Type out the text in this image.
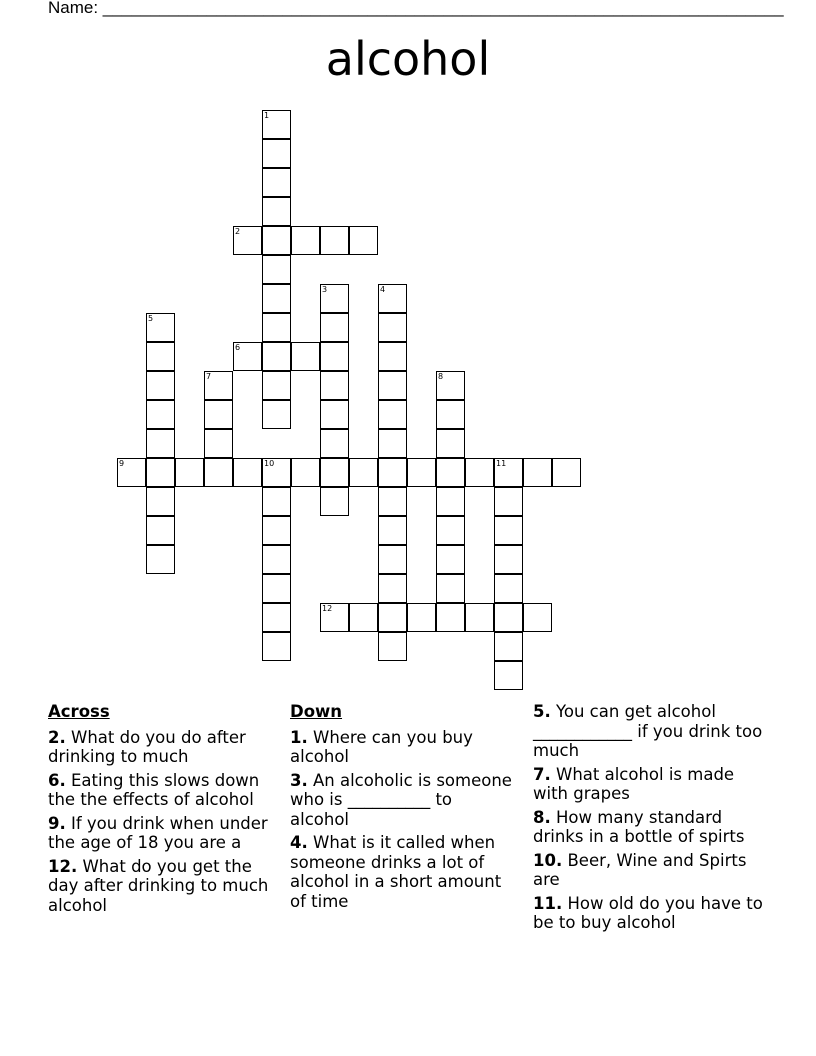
Name: ________________________________________________________________________
alcohol
1
2
3	4
5
6
7	8
9	10	11
12
Across
2. What do you do after drinking to much
6. Eating this slows down the the effects of alcohol
9. If you drink when under the age of 18 you are a
12. What do you get the day after drinking to much alcohol
Down
1. Where can you buy alcohol
3. An alcoholic is someone who is __________ to alcohol
4. What is it called when someone drinks a lot of alcohol in a short amount of time
5. You can get alcohol ____________ if you drink too much
7. What alcohol is made with grapes
8. How many standard drinks in a bottle of spirts
10. Beer, Wine and Spirts are
11. How old do you have to be to buy alcohol
